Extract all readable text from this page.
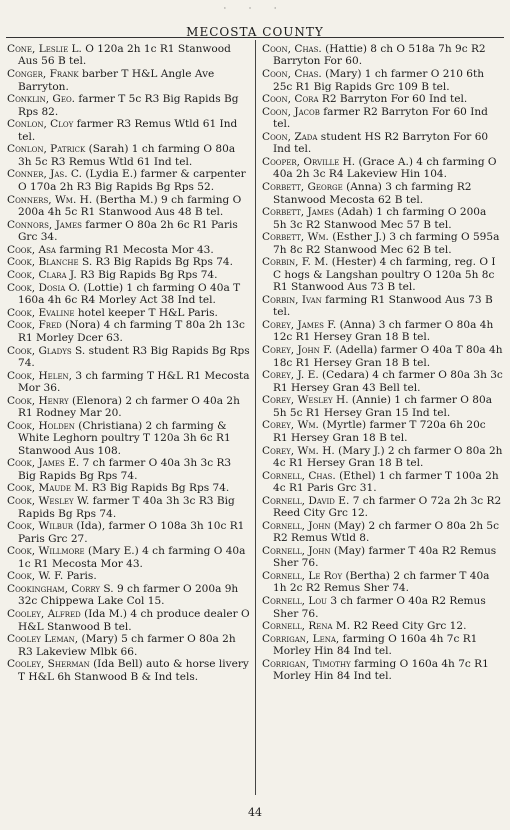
· · ·
MECOSTA COUNTY
Cone, Leslie L. O 120a 2h 1c R1 Stanwood Aus 56 B tel.
Conger, Frank barber T H&L Angle Ave Barryton.
Conklin, Geo. farmer T 5c R3 Big Rapids Bg Rps 82.
Conlon, Cloy farmer R3 Remus Wtld 61 Ind tel.
Conlon, Patrick (Sarah) 1 ch farming O 80a 3h 5c R3 Remus Wtld 61 Ind tel.
Conner, Jas. C. (Lydia E.) farmer & carpenter O 170a 2h R3 Big Rapids Bg Rps 52.
Conners, Wm. H. (Bertha M.) 9 ch farming O 200a 4h 5c R1 Stanwood Aus 48 B tel.
Connors, James farmer O 80a 2h 6c R1 Paris Grc 34.
Cook, Asa farming R1 Mecosta Mor 43.
Cook, Blanche S. R3 Big Rapids Bg Rps 74.
Cook, Clara J. R3 Big Rapids Bg Rps 74.
Cook, Dosia O. (Lottie) 1 ch farming O 40a T 160a 4h 6c R4 Morley Act 38 Ind tel.
Cook, Evaline hotel keeper T H&L Paris.
Cook, Fred (Nora) 4 ch farming T 80a 2h 13c R1 Morley Dcer 63.
Cook, Gladys S. student R3 Big Rapids Bg Rps 74.
Cook, Helen, 3 ch farming T H&L R1 Mecosta Mor 36.
Cook, Henry (Elenora) 2 ch farmer O 40a 2h R1 Rodney Mar 20.
Cook, Holden (Christiana) 2 ch farming & White Leghorn poultry T 120a 3h 6c R1 Stanwood Aus 108.
Cook, James E. 7 ch farmer O 40a 3h 3c R3 Big Rapids Bg Rps 74.
Cook, Maude M. R3 Big Rapids Bg Rps 74.
Cook, Wesley W. farmer T 40a 3h 3c R3 Big Rapids Bg Rps 74.
Cook, Wilbur (Ida), farmer O 108a 3h 10c R1 Paris Grc 27.
Cook, Willmore (Mary E.) 4 ch farming O 40a 1c R1 Mecosta Mor 43.
Cook, W. F. Paris.
Cookingham, Corry S. 9 ch farmer O 200a 9h 32c Chippewa Lake Col 15.
Cooley, Alfred (Ida M.) 4 ch produce dealer O H&L Stanwood B tel.
Cooley Leman, (Mary) 5 ch farmer O 80a 2h R3 Lakeview Mlbk 66.
Cooley, Sherman (Ida Bell) auto & horse livery T H&L 6h Stanwood B & Ind tels.
Coon, Chas. (Hattie) 8 ch O 518a 7h 9c R2 Barryton For 60.
Coon, Chas. (Mary) 1 ch farmer O 210 6th 25c R1 Big Rapids Grc 109 B tel.
Coon, Cora R2 Barryton For 60 Ind tel.
Coon, Jacob farmer R2 Barryton For 60 Ind tel.
Coon, Zada student HS R2 Barryton For 60 Ind tel.
Cooper, Orville H. (Grace A.) 4 ch farming O 40a 2h 3c R4 Lakeview Hin 104.
Corbett, George (Anna) 3 ch farming R2 Stanwood Mecosta 62 B tel.
Corbett, James (Adah) 1 ch farming O 200a 5h 3c R2 Stanwood Mec 57 B tel.
Corbett, Wm. (Esther J.) 3 ch farming O 595a 7h 8c R2 Stanwood Mec 62 B tel.
Corbin, F. M. (Hester) 4 ch farming, reg. O I C hogs & Langshan poultry O 120a 5h 8c R1 Stanwood Aus 73 B tel.
Corbin, Ivan farming R1 Stanwood Aus 73 B tel.
Corey, James F. (Anna) 3 ch farmer O 80a 4h 12c R1 Hersey Gran 18 B tel.
Corey, John F. (Adella) farmer O 40a T 80a 4h 18c R1 Hersey Gran 18 B tel.
Corey, J. E. (Cedara) 4 ch farmer O 80a 3h 3c R1 Hersey Gran 43 Bell tel.
Corey, Wesley H. (Annie) 1 ch farmer O 80a 5h 5c R1 Hersey Gran 15 Ind tel.
Corey, Wm. (Myrtle) farmer T 720a 6h 20c R1 Hersey Gran 18 B tel.
Corey, Wm. H. (Mary J.) 2 ch farmer O 80a 2h 4c R1 Hersey Gran 18 B tel.
Cornell, Chas. (Ethel) 1 ch farmer T 100a 2h 4c R1 Paris Grc 31.
Cornell, David E. 7 ch farmer O 72a 2h 3c R2 Reed City Grc 12.
Cornell, John (May) 2 ch farmer O 80a 2h 5c R2 Remus Wtld 8.
Cornell, John (May) farmer T 40a R2 Remus Sher 76.
Cornell, Le Roy (Bertha) 2 ch farmer T 40a 1h 2c R2 Remus Sher 74.
Cornell, Lou 3 ch farmer O 40a R2 Remus Sher 76.
Cornell, Rena M. R2 Reed City Grc 12.
Corrigan, Lena, farming O 160a 4h 7c R1 Morley Hin 84 Ind tel.
Corrigan, Timothy farming O 160a 4h 7c R1 Morley Hin 84 Ind tel.
44
